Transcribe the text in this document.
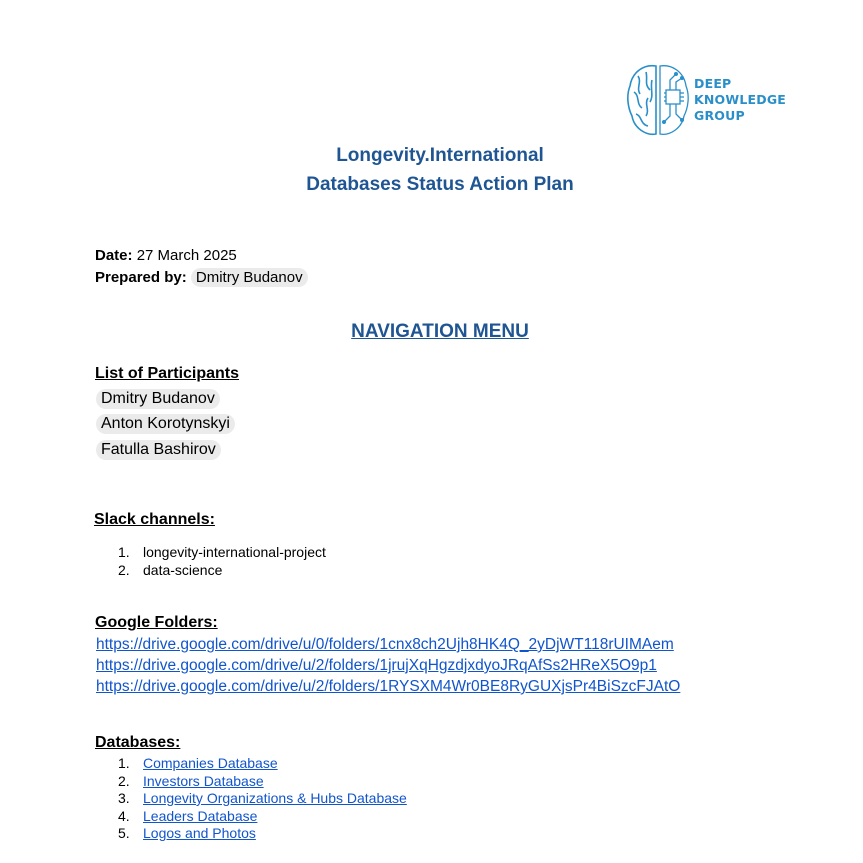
DEEP
KNOWLEDGE
GROUP
Longevity.International
Databases Status Action Plan
Date: 27 March 2025
Prepared by: Dmitry Budanov
NAVIGATION MENU
List of Participants
Dmitry Budanov
Anton Korotynskyi
Fatulla Bashirov
Slack channels:
1. longevity-international-project
2. data-science
Google Folders:
https://drive.google.com/drive/u/0/folders/1cnx8ch2Ujh8HK4Q_2yDjWT118rUIMAem
https://drive.google.com/drive/u/2/folders/1jrujXqHgzdjxdyoJRqAfSs2HReX5O9p1
https://drive.google.com/drive/u/2/folders/1RYSXM4Wr0BE8RyGUXjsPr4BiSzcFJAtO
Databases:
1. Companies Database
2. Investors Database
3. Longevity Organizations & Hubs Database
4. Leaders Database
5. Logos and Photos
